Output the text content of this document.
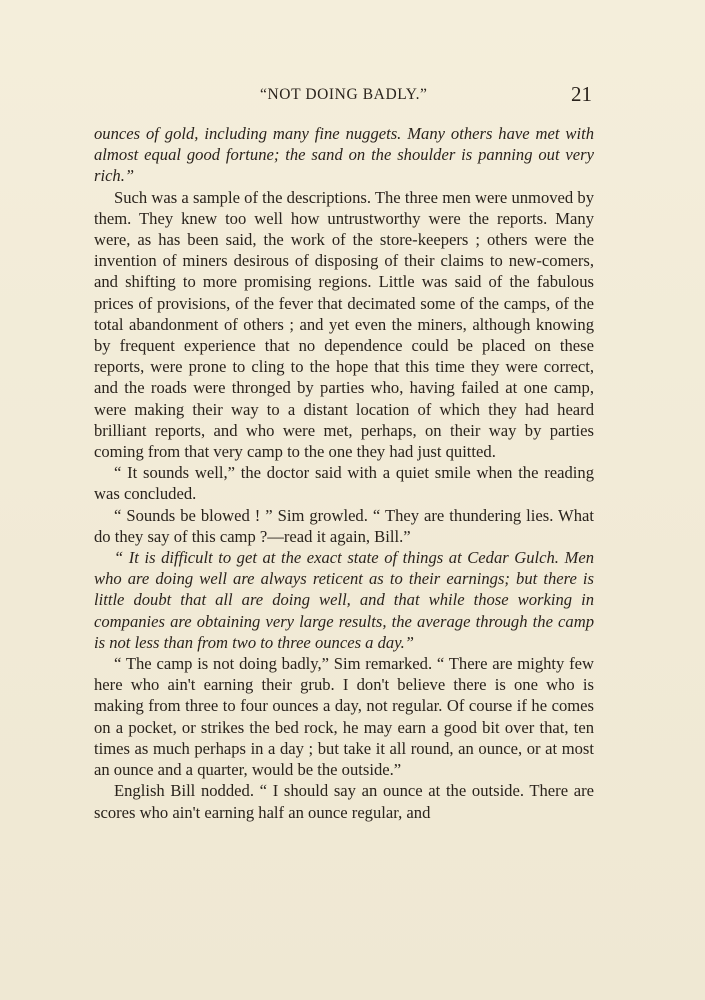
“NOT DOING BADLY.”	21

ounces of gold, including many fine nuggets. Many others have met with almost equal good fortune; the sand on the shoulder is panning out very rich.”

Such was a sample of the descriptions. The three men were unmoved by them. They knew too well how untrustworthy were the reports. Many were, as has been said, the work of the store-keepers ; others were the invention of miners desirous of disposing of their claims to new-comers, and shifting to more promising regions. Little was said of the fabulous prices of provisions, of the fever that decimated some of the camps, of the total abandonment of others ; and yet even the miners, although knowing by frequent experience that no dependence could be placed on these reports, were prone to cling to the hope that this time they were correct, and the roads were thronged by parties who, having failed at one camp, were making their way to a distant location of which they had heard brilliant reports, and who were met, perhaps, on their way by parties coming from that very camp to the one they had just quitted.

“ It sounds well,” the doctor said with a quiet smile when the reading was concluded.

“ Sounds be blowed ! ” Sim growled. “ They are thundering lies. What do they say of this camp ?—read it again, Bill.”

“ It is difficult to get at the exact state of things at Cedar Gulch. Men who are doing well are always reticent as to their earnings; but there is little doubt that all are doing well, and that while those working in companies are obtaining very large results, the average through the camp is not less than from two to three ounces a day.”

“ The camp is not doing badly,” Sim remarked. “ There are mighty few here who ain't earning their grub. I don't believe there is one who is making from three to four ounces a day, not regular. Of course if he comes on a pocket, or strikes the bed rock, he may earn a good bit over that, ten times as much perhaps in a day ; but take it all round, an ounce, or at most an ounce and a quarter, would be the outside.”

English Bill nodded. “ I should say an ounce at the outside. There are scores who ain't earning half an ounce regular, and
